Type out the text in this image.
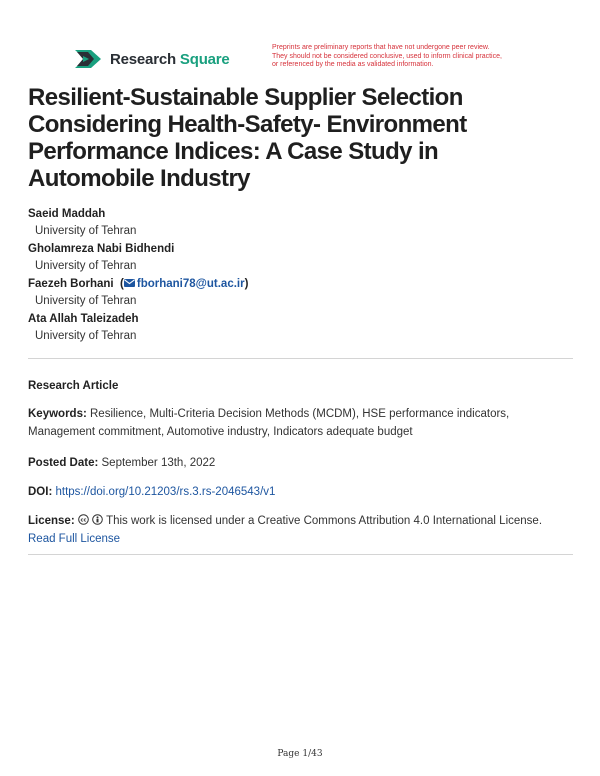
Research Square
Preprints are preliminary reports that have not undergone peer review.
They should not be considered conclusive, used to inform clinical practice,
or referenced by the media as validated information.
Resilient-Sustainable Supplier Selection Considering Health-Safety- Environment Performance Indices: A Case Study in Automobile Industry
Saeid Maddah
University of Tehran
Gholamreza Nabi Bidhendi
University of Tehran
Faezeh Borhani  ( fborhani78@ut.ac.ir)
University of Tehran
Ata Allah Taleizadeh
University of Tehran
Research Article
Keywords: Resilience, Multi-Criteria Decision Methods (MCDM), HSE performance indicators, Management commitment, Automotive industry, Indicators adequate budget
Posted Date: September 13th, 2022
DOI: https://doi.org/10.21203/rs.3.rs-2046543/v1
License: cc This work is licensed under a Creative Commons Attribution 4.0 International License.
Read Full License
Page 1/43
